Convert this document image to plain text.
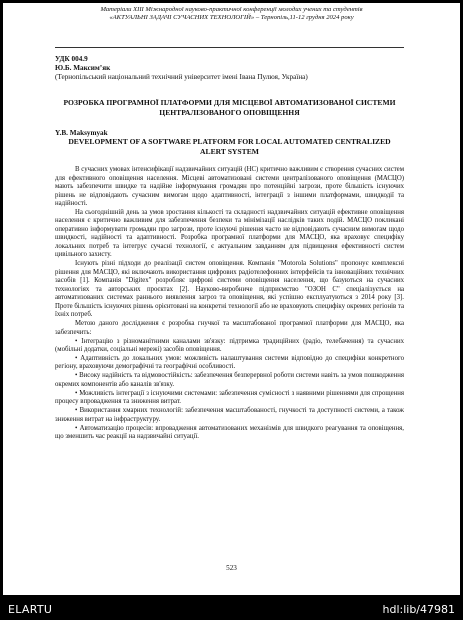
Матеріали ХІІІ Міжнародної науково-практичної конференції молодих учених та студентів
«АКТУАЛЬНІ ЗАДАЧІ СУЧАСНИХ ТЕХНОЛОГІЙ» – Тернопіль,11-12 грудня 2024 року
УДК 004.9
Ю.Б. Максим’як
(Тернопільський національний технічний університет імені Івана Пулюя, Україна)
РОЗРОБКА ПРОГРАМНОЇ ПЛАТФОРМИ ДЛЯ МІСЦЕВОЇ АВТОМАТИЗОВАНОЇ СИСТЕМИ ЦЕНТРАЛІЗОВАНОГО ОПОВІЩЕННЯ
Y.B. Maksymyak
DEVELOPMENT OF A SOFTWARE PLATFORM FOR LOCAL AUTOMATED CENTRALIZED ALERT SYSTEM

В сучасних умовах інтенсифікації надзвичайних ситуацій (НС) критично важливим є створення сучасних систем для ефективного оповіщення населення. Місцеві автоматизовані системи централізованого оповіщення (МАСЦО) мають забезпечити швидке та надійне інформування громадян про потенційні загрози, проте більшість існуючих рішень не відповідають сучасним вимогам щодо адаптивності, інтеграції з іншими платформами, швидкодії та надійності.

На сьогоднішній день за умов зростання кількості та складності надзвичайних ситуацій ефективне оповіщення населення є критично важливим для забезпечення безпеки та мінімізації наслідків таких подій. МАСЦО покликані оперативно інформувати громадян про загрози, проте існуючі рішення часто не відповідають сучасним вимогам щодо швидкості, надійності та адаптивності. Розробка програмної платформи для МАСЦО, яка враховує специфіку локальних потреб та інтегрує сучасні технології, є актуальним завданням для підвищення ефективності систем цивільного захисту.

Існують різні підходи до реалізації систем оповіщення. Компанія "Motorola Solutions" пропонує комплексні рішення для МАСЦО, які включають використання цифрових радіотелефонних інтерфейсів та інноваційних технічних засобів [1]. Компанія "Digitex" розробляє цифрові системи оповіщення населення, що базуються на сучасних технологіях та авторських проєктах [2]. Науково-виробниче підприємство "ОЗОН С" спеціалізується на автоматизованих системах раннього виявлення загроз та оповіщення, які успішно експлуатуються з 2014 року [3]. Проте більшість існуючих рішень орієнтовані на конкретні технології або не враховують специфіку окремих регіонів та їхніх потреб.

Метою даного дослідження є розробка гнучкої та масштабованої програмної платформи для МАСЦО, яка забезпечить:

• Інтеграцію з різноманітними каналами зв'язку: підтримка традиційних (радіо, телебачення) та сучасних (мобільні додатки, соціальні мережі) засобів оповіщення.

• Адаптивність до локальних умов: можливість налаштування системи відповідно до специфіки конкретного регіону, враховуючи демографічні та географічні особливості.

• Високу надійність та відмовостійкість: забезпечення безперервної роботи системи навіть за умов пошкодження окремих компонентів або каналів зв'язку.

• Можливість інтеграції з існуючими системами: забезпечення сумісності з наявними рішеннями для спрощення процесу впровадження та зниження витрат.

• Використання хмарних технологій: забезпечення масштабованості, гнучкості та доступності системи, а також зниження витрат на інфраструктуру.

• Автоматизацію процесів: впровадження автоматизованих механізмів для швидкого реагування та оповіщення, що зменшить час реакції на надзвичайні ситуації.

523
ELARTU	hdl:lib/47981
